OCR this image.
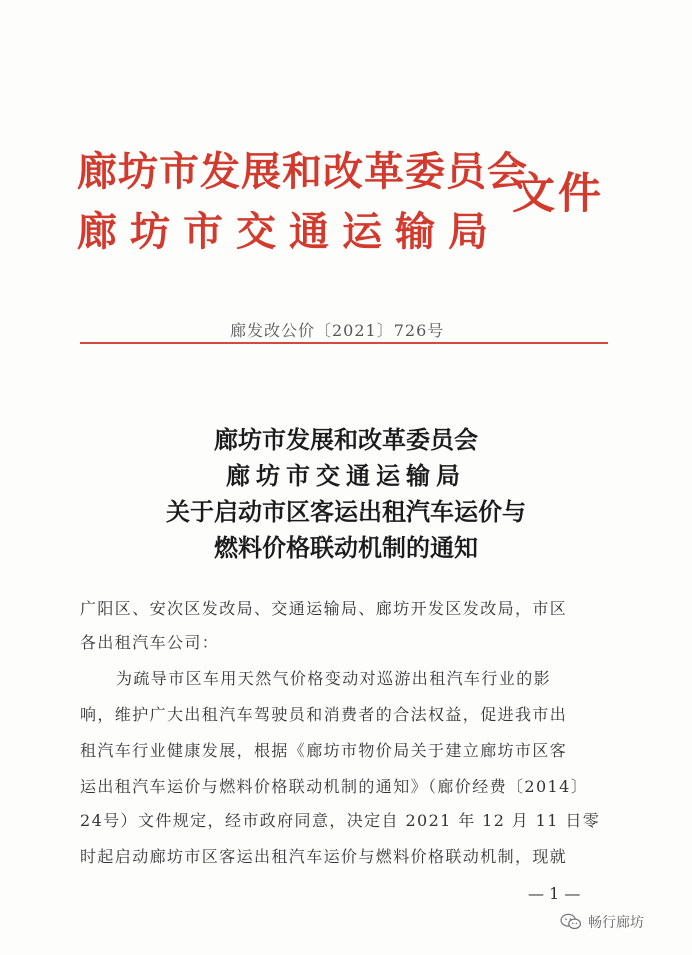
廊坊市发展和改革委员会
廊坊市交通运输局
文件
廊发改公价〔2021〕726号
廊坊市发展和改革委员会
廊坊市交通运输局
关于启动市区客运出租汽车运价与
燃料价格联动机制的通知
广阳区、安次区发改局、交通运输局、廊坊开发区发改局，市区
各出租汽车公司：
为疏导市区车用天然气价格变动对巡游出租汽车行业的影
响，维护广大出租汽车驾驶员和消费者的合法权益，促进我市出
租汽车行业健康发展，根据《廊坊市物价局关于建立廊坊市区客
运出租汽车运价与燃料价格联动机制的通知》（廊价经费〔2014〕
24号）文件规定，经市政府同意，决定自 2021 年 12 月 11 日零
时起启动廊坊市区客运出租汽车运价与燃料价格联动机制，现就
— 1 —
畅行廊坊
